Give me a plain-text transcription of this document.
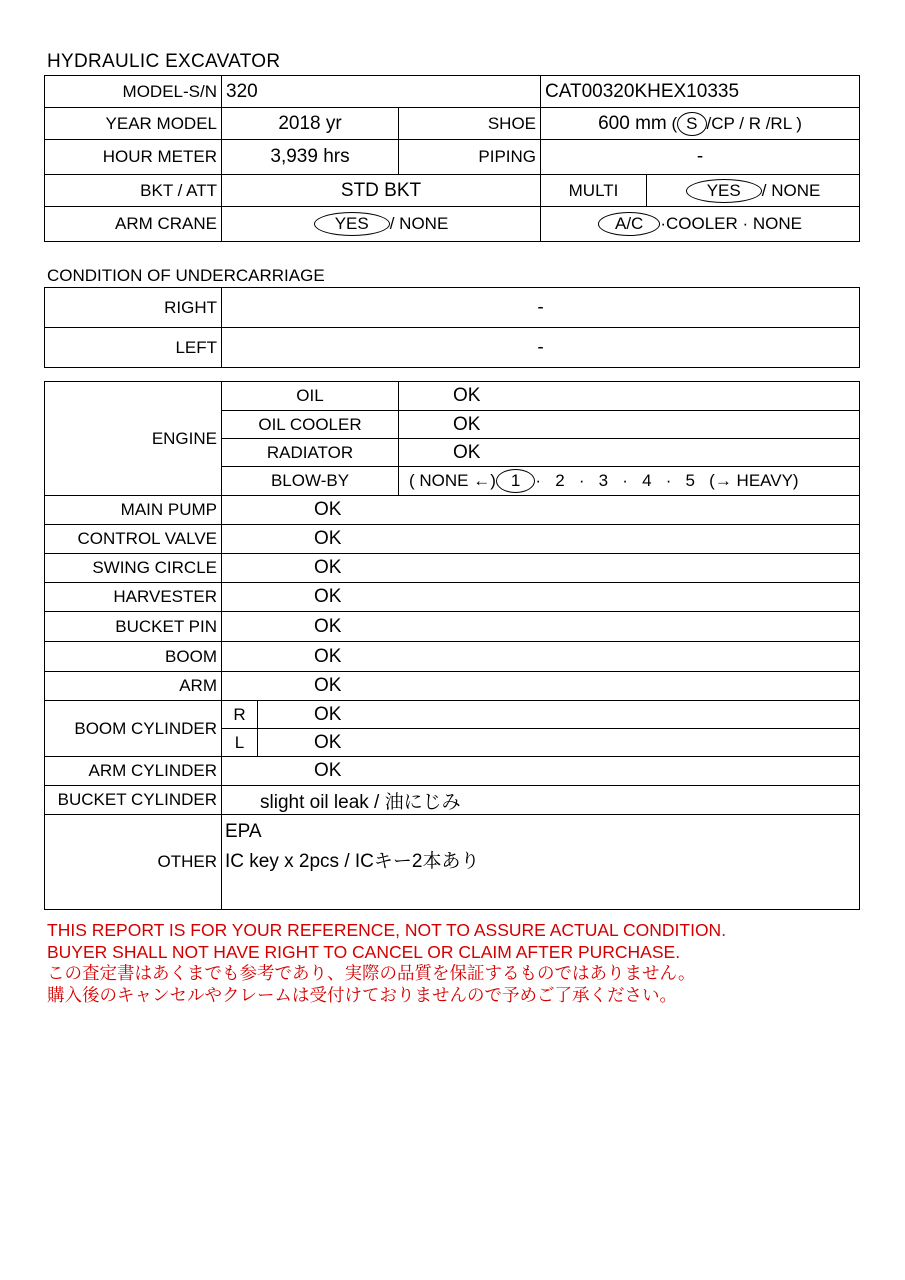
HYDRAULIC EXCAVATOR
MODEL-S/N	320		CAT00320KHEX10335	
YEAR MODEL	2018 yr	SHOE	600 mm ( S /CP / R /RL )	
HOUR METER	3,939 hrs	PIPING	-	
BKT / ATT	STD BKT		MULTI	YES / NONE
ARM CRANE	YES / NONE		A/C ·COOLER · NONE	
CONDITION OF UNDERCARRIAGE
RIGHT	-
LEFT	-
ENGINE	OIL		OK
	OIL COOLER		OK
	RADIATOR		OK
	BLOW-BY		( NONE ←) 1 ·   2   ·   3   ·   4   ·   5   (→ HEAVY)
MAIN PUMP	OK		
CONTROL VALVE	OK		
SWING CIRCLE	OK		
HARVESTER	OK		
BUCKET PIN	OK		
BOOM	OK		
ARM	OK		
BOOM CYLINDER	R	OK	
	L	OK	
ARM CYLINDER	OK		
BUCKET CYLINDER	slight oil leak / 油にじみ		
OTHER	EPA
IC key x 2pcs / ICキー2本あり		
THIS REPORT IS FOR YOUR REFERENCE, NOT TO ASSURE ACTUAL CONDITION.
BUYER SHALL NOT HAVE RIGHT TO CANCEL OR CLAIM AFTER PURCHASE.
この査定書はあくまでも参考であり、実際の品質を保証するものではありません。
購入後のキャンセルやクレームは受付けておりませんので予めご了承ください。
